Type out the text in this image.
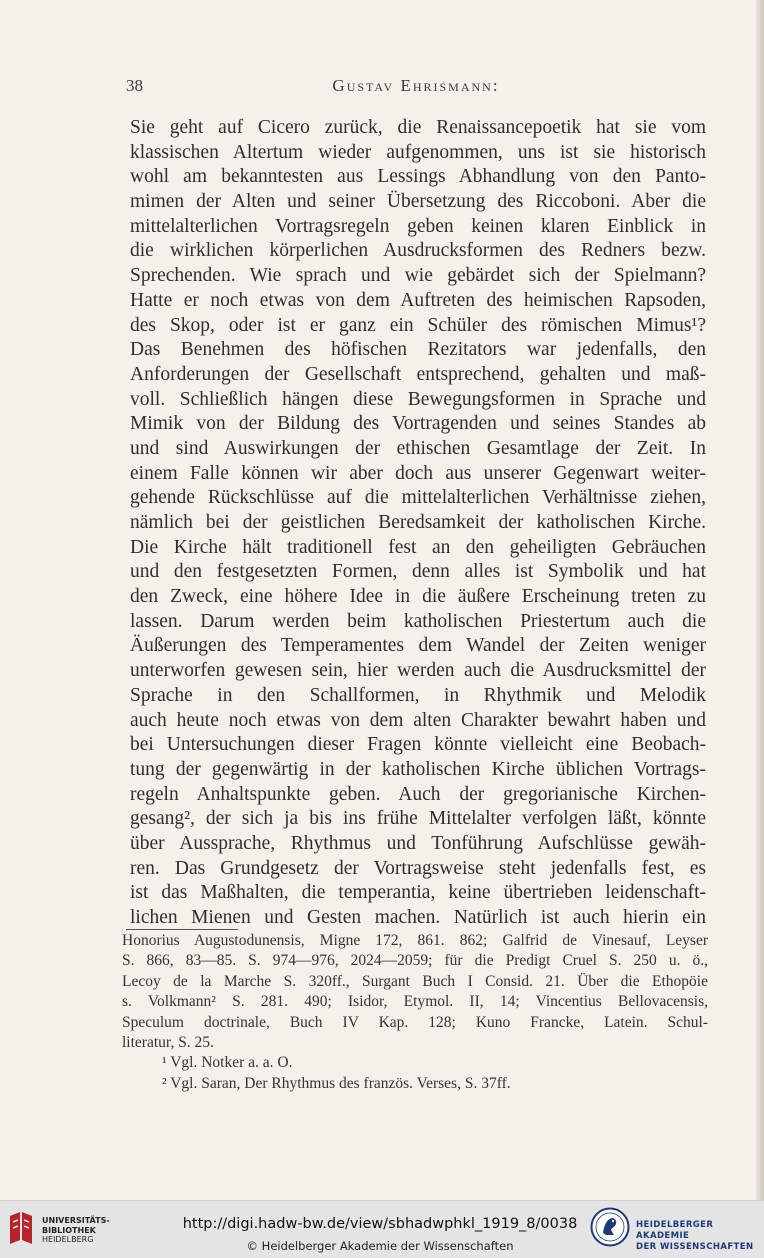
38	Gustav Ehrismann:
Sie geht auf Cicero zurück, die Renaissancepoetik hat sie vom
klassischen Altertum wieder aufgenommen, uns ist sie historisch
wohl am bekanntesten aus Lessings Abhandlung von den Panto-
mimen der Alten und seiner Übersetzung des Riccoboni. Aber die
mittelalterlichen Vortragsregeln geben keinen klaren Einblick in
die wirklichen körperlichen Ausdrucksformen des Redners bezw.
Sprechenden. Wie sprach und wie gebärdet sich der Spielmann?
Hatte er noch etwas von dem Auftreten des heimischen Rapsoden,
des Skop, oder ist er ganz ein Schüler des römischen Mimus¹?
Das Benehmen des höfischen Rezitators war jedenfalls, den
Anforderungen der Gesellschaft entsprechend, gehalten und maß-
voll. Schließlich hängen diese Bewegungsformen in Sprache und
Mimik von der Bildung des Vortragenden und seines Standes ab
und sind Auswirkungen der ethischen Gesamtlage der Zeit. In
einem Falle können wir aber doch aus unserer Gegenwart weiter-
gehende Rückschlüsse auf die mittelalterlichen Verhältnisse ziehen,
nämlich bei der geistlichen Beredsamkeit der katholischen Kirche.
Die Kirche hält traditionell fest an den geheiligten Gebräuchen
und den festgesetzten Formen, denn alles ist Symbolik und hat
den Zweck, eine höhere Idee in die äußere Erscheinung treten zu
lassen. Darum werden beim katholischen Priestertum auch die
Äußerungen des Temperamentes dem Wandel der Zeiten weniger
unterworfen gewesen sein, hier werden auch die Ausdrucksmittel der
Sprache in den Schallformen, in Rhythmik und Melodik
auch heute noch etwas von dem alten Charakter bewahrt haben und
bei Untersuchungen dieser Fragen könnte vielleicht eine Beobach-
tung der gegenwärtig in der katholischen Kirche üblichen Vortrags-
regeln Anhaltspunkte geben. Auch der gregorianische Kirchen-
gesang², der sich ja bis ins frühe Mittelalter verfolgen läßt, könnte
über Aussprache, Rhythmus und Tonführung Aufschlüsse gewäh-
ren. Das Grundgesetz der Vortragsweise steht jedenfalls fest, es
ist das Maßhalten, die temperantia, keine übertrieben leidenschaft-
lichen Mienen und Gesten machen. Natürlich ist auch hierin ein
Honorius Augustodunensis, Migne 172, 861. 862; Galfrid de Vinesauf, Leyser
S. 866, 83—85. S. 974—976, 2024—2059; für die Predigt Cruel S. 250 u. ö.,
Lecoy de la Marche S. 320ff., Surgant Buch I Consid. 21. Über die Ethopöie
s. Volkmann² S. 281. 490; Isidor, Etymol. II, 14; Vincentius Bellovacensis,
Speculum doctrinale, Buch IV Kap. 128; Kuno Francke, Latein. Schul-
literatur, S. 25.
¹ Vgl. Notker a. a. O.
² Vgl. Saran, Der Rhythmus des französ. Verses, S. 37ff.
UNIVERSITÄTS-
BIBLIOTHEK
HEIDELBERG
http://digi.hadw-bw.de/view/sbhadwphkl_1919_8/0038
© Heidelberger Akademie der Wissenschaften
HEIDELBERGER AKADEMIE
DER WISSENSCHAFTEN
